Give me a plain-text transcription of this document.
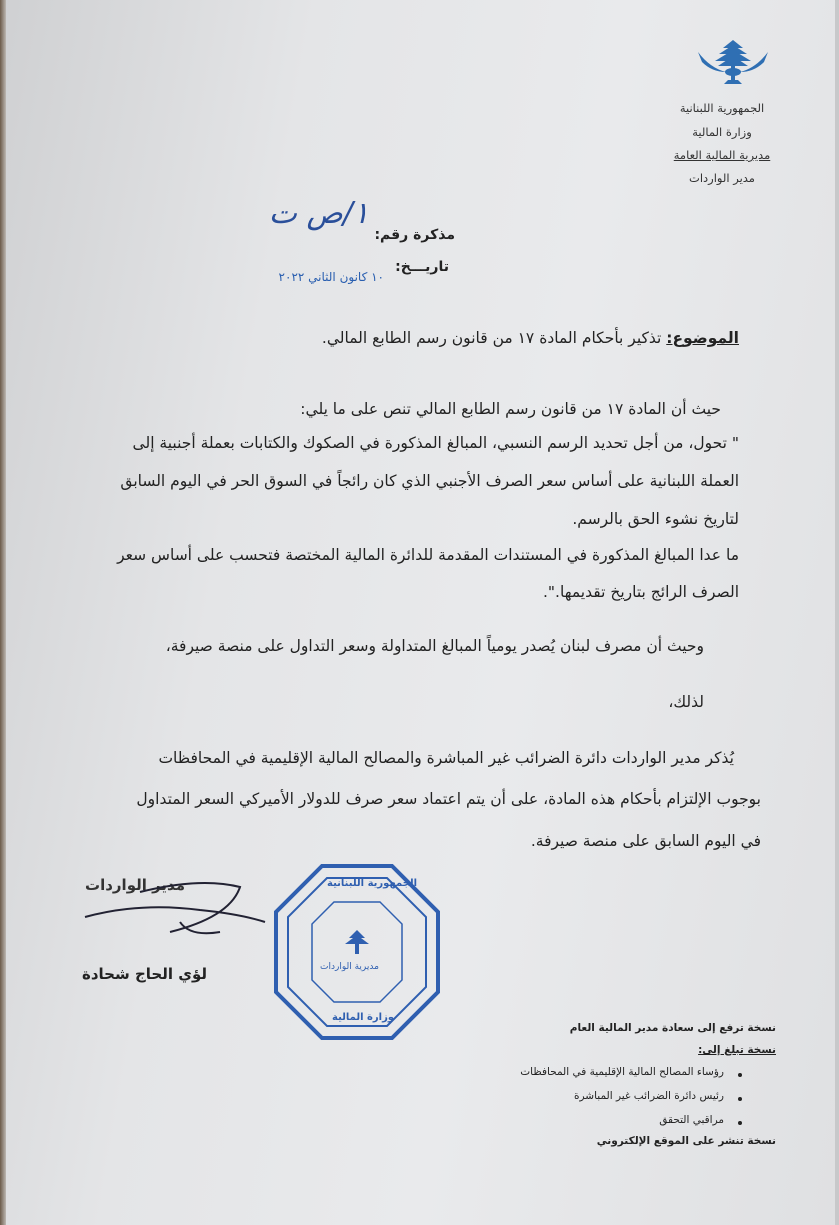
الجمهورية اللبنانية
وزارة المالية
مديرية المالية العامة
مدير الواردات
مذكرة رقم:
١/ص ت
تاريـــخ:
١٠ كانون الثاني ٢٠٢٢
الموضوع: تذكير بأحكام المادة ١٧ من قانون رسم الطابع المالي.
حيث أن المادة ١٧ من قانون رسم الطابع المالي تنص على ما يلي:
" تحول، من أجل تحديد الرسم النسبي، المبالغ المذكورة في الصكوك والكتابات بعملة أجنبية إلى
العملة اللبنانية على أساس سعر الصرف الأجنبي الذي كان رائجاً في السوق الحر في اليوم السابق
لتاريخ نشوء الحق بالرسم.
ما عدا المبالغ المذكورة في المستندات المقدمة للدائرة المالية المختصة فتحسب على أساس سعر
الصرف الرائج بتاريخ تقديمها.".
وحيث أن مصرف لبنان يُصدر يومياً المبالغ المتداولة وسعر التداول على منصة صيرفة،
لذلك،
يُذكر مدير الواردات دائرة الضرائب غير المباشرة والمصالح المالية الإقليمية في المحافظات
بوجوب الإلتزام بأحكام هذه المادة، على أن يتم اعتماد سعر صرف للدولار الأميركي السعر المتداول
في اليوم السابق على منصة صيرفة.
مدير الواردات
لؤي الحاج شحادة
الجمهورية اللبنانية
مديرية الواردات
وزارة المالية
نسخة ترفع إلى سعادة مدير المالية العام
نسخة تبلغ إلى:
رؤساء المصالح المالية الإقليمية في المحافظات
رئيس دائرة الضرائب غير المباشرة
مراقبي التحقق
نسخة تنشر على الموقع الإلكتروني
